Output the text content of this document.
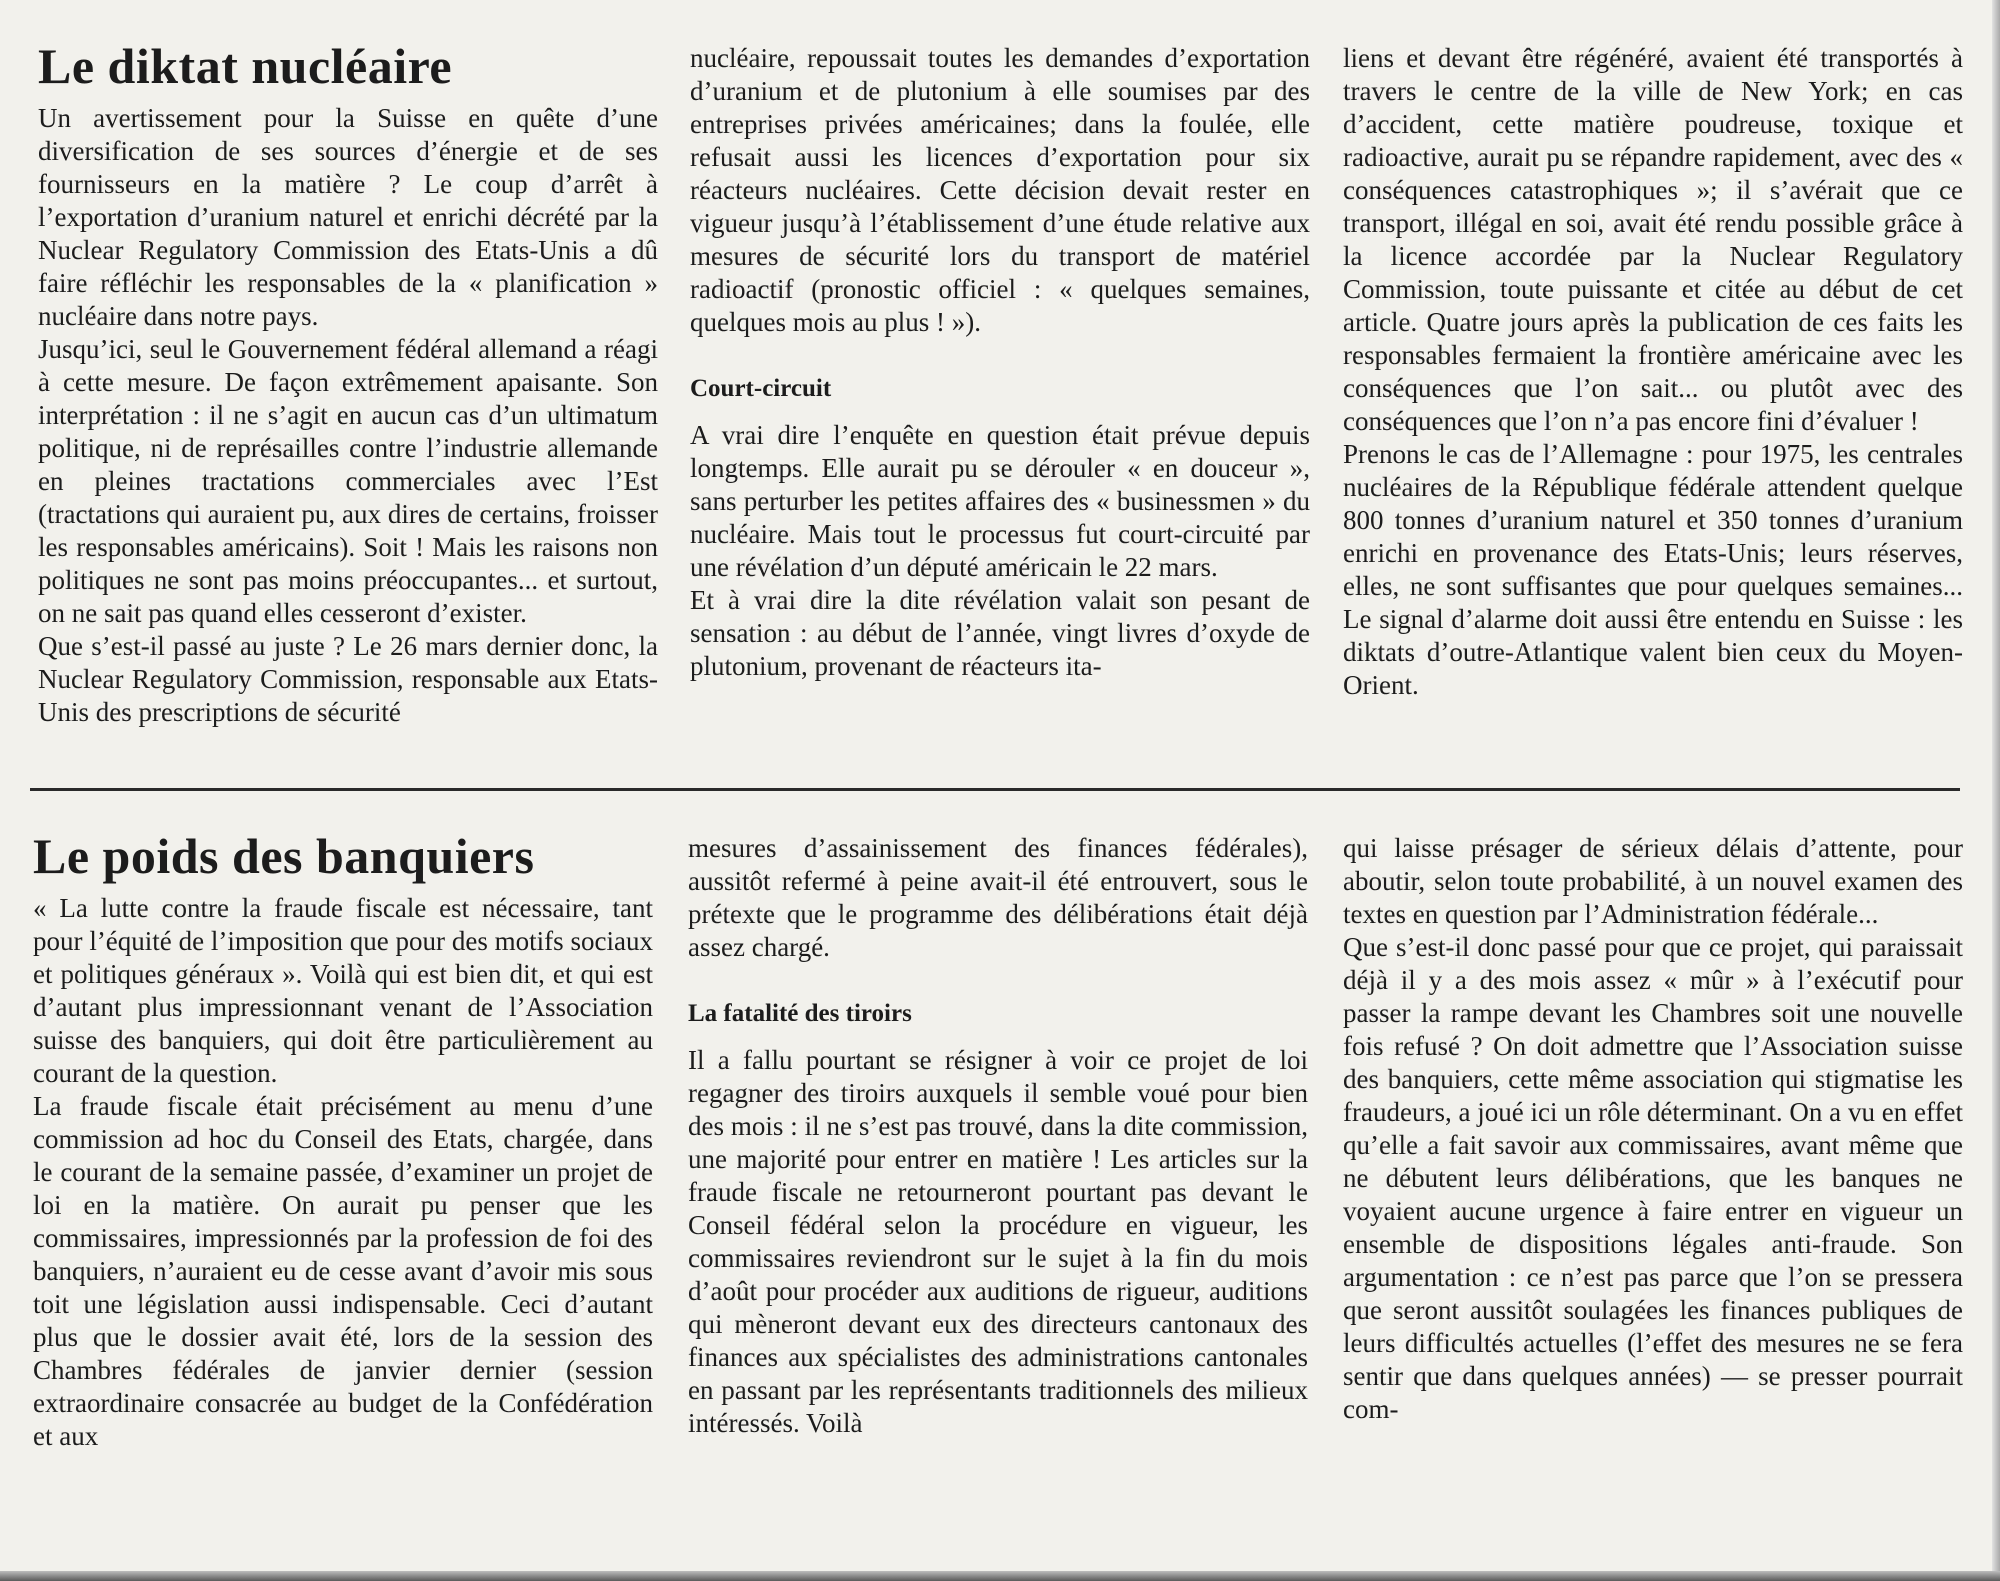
Le diktat nucléaire

Un avertissement pour la Suisse en quête d’une diversification de ses sources d’énergie et de ses fournisseurs en la matière ? Le coup d’arrêt à l’exportation d’uranium naturel et enrichi décrété par la Nuclear Regulatory Commission des Etats-Unis a dû faire réfléchir les responsables de la « planification » nucléaire dans notre pays.

Jusqu’ici, seul le Gouvernement fédéral allemand a réagi à cette mesure. De façon extrêmement apaisante. Son interprétation : il ne s’agit en aucun cas d’un ultimatum politique, ni de représailles contre l’industrie allemande en pleines tractations commerciales avec l’Est (tractations qui auraient pu, aux dires de certains, froisser les responsables américains). Soit ! Mais les raisons non politiques ne sont pas moins préoccupantes... et surtout, on ne sait pas quand elles cesseront d’exister.

Que s’est-il passé au juste ? Le 26 mars dernier donc, la Nuclear Regulatory Commission, responsable aux Etats-Unis des prescriptions de sécurité

nucléaire, repoussait toutes les demandes d’exportation d’uranium et de plutonium à elle soumises par des entreprises privées américaines; dans la foulée, elle refusait aussi les licences d’exportation pour six réacteurs nucléaires. Cette décision devait rester en vigueur jusqu’à l’établissement d’une étude relative aux mesures de sécurité lors du transport de matériel radioactif (pronostic officiel : « quelques semaines, quelques mois au plus ! »).

Court-circuit

A vrai dire l’enquête en question était prévue depuis longtemps. Elle aurait pu se dérouler « en douceur », sans perturber les petites affaires des « businessmen » du nucléaire. Mais tout le processus fut court-circuité par une révélation d’un député américain le 22 mars.

Et à vrai dire la dite révélation valait son pesant de sensation : au début de l’année, vingt livres d’oxyde de plutonium, provenant de réacteurs ita-

liens et devant être régénéré, avaient été transportés à travers le centre de la ville de New York; en cas d’accident, cette matière poudreuse, toxique et radioactive, aurait pu se répandre rapidement, avec des « conséquences catastrophiques »; il s’avérait que ce transport, illégal en soi, avait été rendu possible grâce à la licence accordée par la Nuclear Regulatory Commission, toute puissante et citée au début de cet article. Quatre jours après la publication de ces faits les responsables fermaient la frontière américaine avec les conséquences que l’on sait... ou plutôt avec des conséquences que l’on n’a pas encore fini d’évaluer !

Prenons le cas de l’Allemagne : pour 1975, les centrales nucléaires de la République fédérale attendent quelque 800 tonnes d’uranium naturel et 350 tonnes d’uranium enrichi en provenance des Etats-Unis; leurs réserves, elles, ne sont suffisantes que pour quelques semaines... Le signal d’alarme doit aussi être entendu en Suisse : les diktats d’outre-Atlantique valent bien ceux du Moyen-Orient.

Le poids des banquiers

« La lutte contre la fraude fiscale est nécessaire, tant pour l’équité de l’imposition que pour des motifs sociaux et politiques généraux ». Voilà qui est bien dit, et qui est d’autant plus impressionnant venant de l’Association suisse des banquiers, qui doit être particulièrement au courant de la question.

La fraude fiscale était précisément au menu d’une commission ad hoc du Conseil des Etats, chargée, dans le courant de la semaine passée, d’examiner un projet de loi en la matière. On aurait pu penser que les commissaires, impressionnés par la profession de foi des banquiers, n’auraient eu de cesse avant d’avoir mis sous toit une législation aussi indispensable. Ceci d’autant plus que le dossier avait été, lors de la session des Chambres fédérales de janvier dernier (session extraordinaire consacrée au budget de la Confédération et aux

mesures d’assainissement des finances fédérales), aussitôt refermé à peine avait-il été entrouvert, sous le prétexte que le programme des délibérations était déjà assez chargé.

La fatalité des tiroirs

Il a fallu pourtant se résigner à voir ce projet de loi regagner des tiroirs auxquels il semble voué pour bien des mois : il ne s’est pas trouvé, dans la dite commission, une majorité pour entrer en matière ! Les articles sur la fraude fiscale ne retourneront pourtant pas devant le Conseil fédéral selon la procédure en vigueur, les commissaires reviendront sur le sujet à la fin du mois d’août pour procéder aux auditions de rigueur, auditions qui mèneront devant eux des directeurs cantonaux des finances aux spécialistes des administrations cantonales en passant par les représentants traditionnels des milieux intéressés. Voilà

qui laisse présager de sérieux délais d’attente, pour aboutir, selon toute probabilité, à un nouvel examen des textes en question par l’Administration fédérale...

Que s’est-il donc passé pour que ce projet, qui paraissait déjà il y a des mois assez « mûr » à l’exécutif pour passer la rampe devant les Chambres soit une nouvelle fois refusé ? On doit admettre que l’Association suisse des banquiers, cette même association qui stigmatise les fraudeurs, a joué ici un rôle déterminant. On a vu en effet qu’elle a fait savoir aux commissaires, avant même que ne débutent leurs délibérations, que les banques ne voyaient aucune urgence à faire entrer en vigueur un ensemble de dispositions légales anti-fraude. Son argumentation : ce n’est pas parce que l’on se pressera que seront aussitôt soulagées les finances publiques de leurs difficultés actuelles (l’effet des mesures ne se fera sentir que dans quelques années) — se presser pourrait com-
